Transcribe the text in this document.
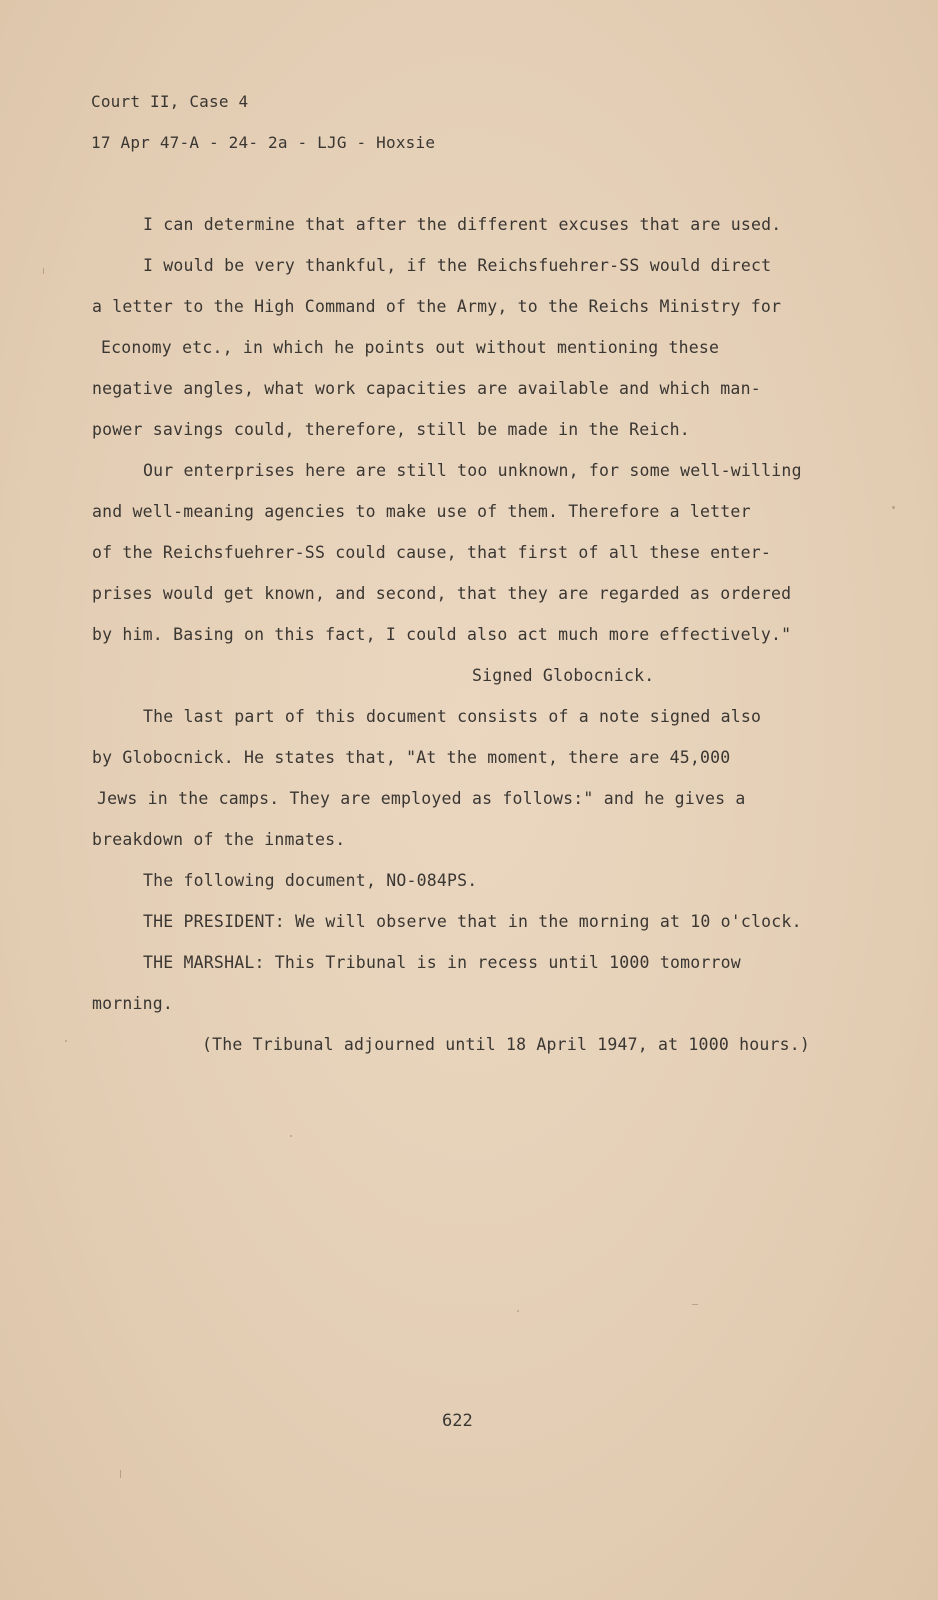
Court II, Case 4
17 Apr 47-A - 24- 2a - LJG - Hoxsie
I can determine that after the different excuses that are used.
I would be very thankful, if the Reichsfuehrer-SS would direct
a letter to the High Command of the Army, to the Reichs Ministry for
Economy etc., in which he points out without mentioning these
negative angles, what work capacities are available and which man-
power savings could, therefore, still be made in the Reich.
Our enterprises here are still too unknown, for some well-willing
and well-meaning agencies to make use of them. Therefore a letter
of the Reichsfuehrer-SS could cause, that first of all these enter-
prises would get known, and second, that they are regarded as ordered
by him. Basing on this fact, I could also act much more effectively."
Signed Globocnick.
The last part of this document consists of a note signed also
by Globocnick. He states that, "At the moment, there are 45,000
Jews in the camps. They are employed as follows:" and he gives a
breakdown of the inmates.
The following document, NO-084PS.
THE PRESIDENT: We will observe that in the morning at 10 o'clock.
THE MARSHAL: This Tribunal is in recess until 1000 tomorrow
morning.
(The Tribunal adjourned until 18 April 1947, at 1000 hours.)
622
